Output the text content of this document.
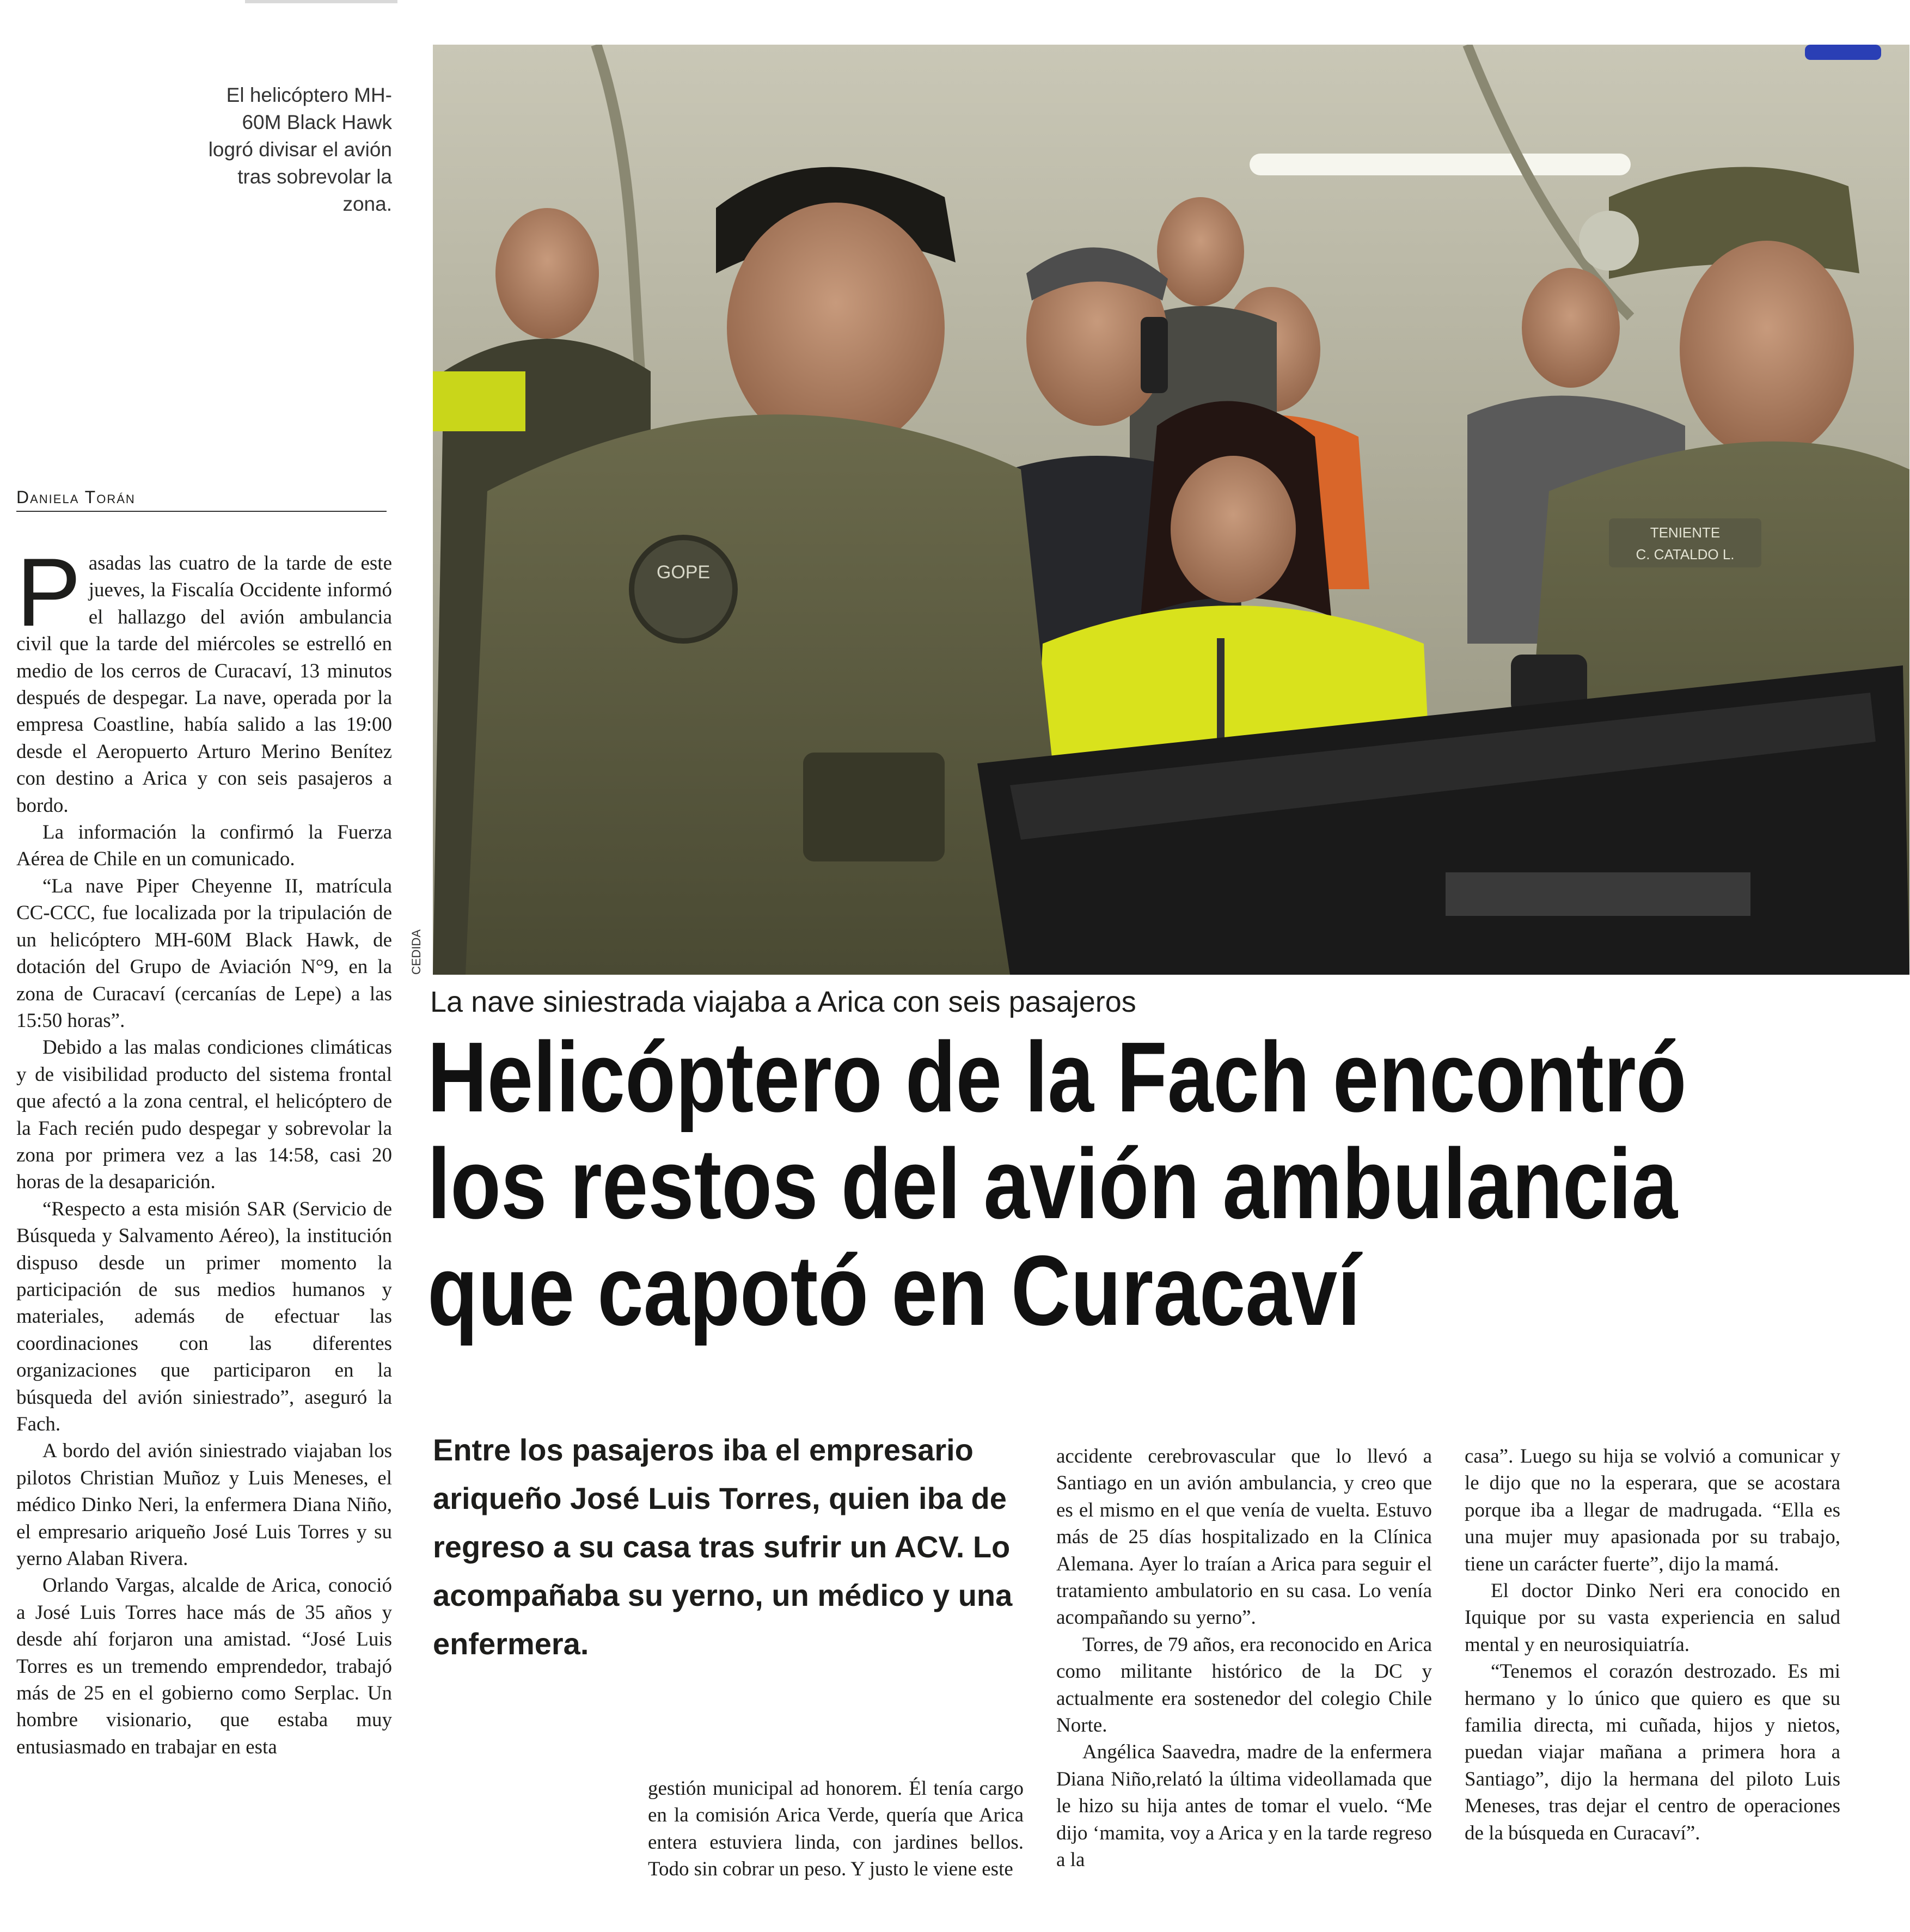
El helicóptero MH-60M Black Hawk logró divisar el avión tras sobrevolar la zona.
Daniela Torán
P asadas las cuatro de la tarde de este jueves, la Fiscalía Occidente informó el hallazgo del avión ambulancia civil que la tarde del miércoles se estrelló en medio de los cerros de Curacaví, 13 minutos después de despegar. La nave, operada por la empresa Coastline, había salido a las 19:00 desde el Aeropuerto Arturo Merino Benítez con destino a Arica y con seis pasajeros a bordo.

La información la confirmó la Fuerza Aérea de Chile en un comunicado.

“La nave Piper Cheyenne II, matrícula CC-CCC, fue localizada por la tripulación de un helicóptero MH-60M Black Hawk, de dotación del Grupo de Aviación N°9, en la zona de Curacaví (cercanías de Lepe) a las 15:50 horas”.

Debido a las malas condiciones climáticas y de visibilidad producto del sistema frontal que afectó a la zona central, el helicóptero de la Fach recién pudo despegar y sobrevolar la zona por primera vez a las 14:58, casi 20 horas de la desaparición.

“Respecto a esta misión SAR (Servicio de Búsqueda y Salvamento Aéreo), la institución dispuso desde un primer momento la participación de sus medios humanos y materiales, además de efectuar las coordinaciones con las diferentes organizaciones que participaron en la búsqueda del avión siniestrado”, aseguró la Fach.

A bordo del avión siniestrado viajaban los pilotos Christian Muñoz y Luis Meneses, el médico Dinko Neri, la enfermera Diana Niño, el empresario ariqueño José Luis Torres y su yerno Alaban Rivera.

Orlando Vargas, alcalde de Arica, conoció a José Luis Torres hace más de 35 años y desde ahí forjaron una amistad. “José Luis Torres es un tremendo emprendedor, trabajó más de 25 en el gobierno como Serplac. Un hombre visionario, que estaba muy entusiasmado en trabajar en esta

GOPE
TENIENTE
C. CATALDO L.
CEDIDA
La nave siniestrada viajaba a Arica con seis pasajeros
Helicóptero de la Fach encontró
los restos del avión ambulancia
que capotó en Curacaví
Entre los pasajeros iba el empresario ariqueño José Luis Torres, quien iba de regreso a su casa tras sufrir un ACV. Lo acompañaba su yerno, un médico y una enfermera.

gestión municipal ad honorem. Él tenía cargo en la comisión Arica Verde, quería que Arica entera estuviera linda, con jardines bellos. Todo sin cobrar un peso. Y justo le viene este

accidente cerebrovascular que lo llevó a Santiago en un avión ambulancia, y creo que es el mismo en el que venía de vuelta. Estuvo más de 25 días hospitalizado en la Clínica Alemana. Ayer lo traían a Arica para seguir el tratamiento ambulatorio en su casa. Lo venía acompañando su yerno”.

Torres, de 79 años, era reconocido en Arica como militante histórico de la DC y actualmente era sostenedor del colegio Chile Norte.

Angélica Saavedra, madre de la enfermera Diana Niño,relató la última videollamada que le hizo su hija antes de tomar el vuelo. “Me dijo ‘mamita, voy a Arica y en la tarde regreso a la

casa”. Luego su hija se volvió a comunicar y le dijo que no la esperara, que se acostara porque iba a llegar de madrugada. “Ella es una mujer muy apasionada por su trabajo, tiene un carácter fuerte”, dijo la mamá.

El doctor Dinko Neri era conocido en Iquique por su vasta experiencia en salud mental y en neurosiquiatría.

“Tenemos el corazón destrozado. Es mi hermano y lo único que quiero es que su familia directa, mi cuñada, hijos y nietos, puedan viajar mañana a primera hora a Santiago”, dijo la hermana del piloto Luis Meneses, tras dejar el centro de operaciones de la búsqueda en Curacaví”.
